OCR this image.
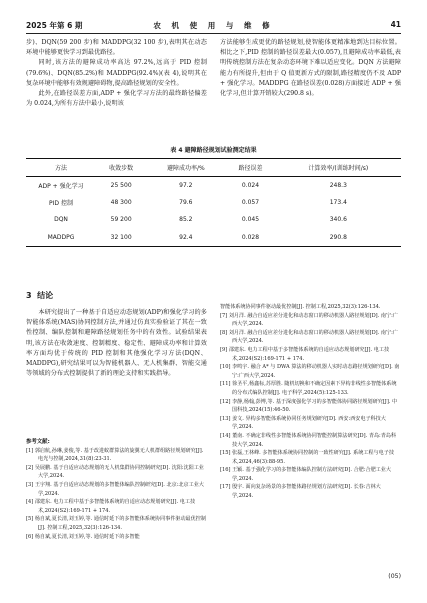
2025 年第 6 期	农 机 使 用 与 维 修	41

步)、DQN(59 200 步)和 MADDPG(32 100 步),表明其在动态环境中能够更快学习到最优路径。

同时,该方法的避障成功率高达 97.2%,远高于 PID 控制(79.6%)、DQN(85.2%)和 MADDPG(92.4%)(表 4),说明其在复杂环境中能够有效规避障碍物,提高路径规划的安全性。

此外,在路径误差方面,ADP + 强化学习方法的最终路径偏差为 0.024,为所有方法中最小,说明该

方法能够生成更优的路径规划,使智能体更精准地到达目标位置。相比之下,PID 控制的路径误差最大(0.057),且避障成功率最低,表明传统控制方法在复杂动态环境下难以适应变化。DQN 方法避障能力有所提升,但由于 Q 值更新方式的限制,路径精度仍不及 ADP + 强化学习。MADDPG 在路径误差(0.028)方面接近 ADP + 强化学习,但计算开销较大(290.8 s)。

表 4 避障路径规划试验测定结果
方法	收敛步数	避障成功率/%	路径误差	计算效率/(训练时间/s)
ADP + 强化学习	25 500	97.2	0.024	248.3
PID 控制	48 300	79.6	0.057	173.4
DQN	59 200	85.2	0.045	340.6
MADDPG	32 100	92.4	0.028	290.8
3 结论

本研究提出了一种基于自适应动态规划(ADP)和强化学习的多智能体系统(MAS)协同控制方法,并通过仿真实验验证了其在一致性控制、编队控制和避障路径规划任务中的有效性。试验结果表明,该方法在收敛速度、控制精度、稳定性、避障成功率和计算效率方面均优于传统的 PID 控制和其他强化学习方法(DQN、MADDPG),研究结果可以为智能机器人、无人机集群、智能交通等领域的分布式控制提供了新的理论支持和实践指导。

参考文献:
[1] 郭启航,孙琳,姜俊,等. 基于改进蚁群算法的旋翼无人机群组路径规划研究[J]. 电光与控制,2024,31(8):23-31.
[2] 吴展鹏. 基于自适应动态规划的无人机集群协同控制研究[D]. 沈阳:沈阳工业大学,2024.
[3] 王宇翔. 基于自适应动态规划的多智能体编队控制研究[D]. 北京:北京工业大学,2024.
[4] 邵建东. 电力工程中基于多智能体系统的自适应动态规划研究[J]. 电工技术,2024(S2):169-171 + 174.
[5] 杨自斌,夏长清,刘玉婷,等. 通信时延下的多智能体系统协同事件驱动最优控制[J]. 控制工程,2025,32(3):126-134.
[6] 杨自斌,夏长清,刘玉婷,等. 通信时延下的多智能
智能体系统协同事件驱动最优控制[J]. 控制工程,2025,32(3):126-134.
[7] 刘月洋. 融合自适应差分进化和动态窗口的移动机器人路径规划[D]. 南宁:广西大学,2024.
[8] 刘月洋. 融合自适应差分进化和动态窗口的移动机器人路径规划[D]. 南宁:广西大学,2024.
[9] 邵建东. 电力工程中基于多智能体系统的自适应动态规划研究[J]. 电工技术,2024(S2):169-171 + 174.
[10] 李鸣宇. 融合 A* 与 DWA 算法的移动机器人实时动态路径规划研究[D]. 南宁:广西大学,2024.
[11] 徐圣平,杨鑫标,苏厚胜. 随机切换和不确定因素下异构非线性多智能体系统的分布式编队控制[J]. 电子科学,2024(5):125-133.
[12] 李静,杨翰,彭博,等. 基于深度强化学习的多智能体协同路径规划研究[J]. 中国科技,2024(15):46-50.
[13] 姜文. 异构多智能体系统协同任务规划研究[D]. 西安:西安电子科技大学,2024.
[14] 董南. 不确定非线性多智能体系统协同智能控制算法研究[D]. 青岛:青岛科技大学,2024.
[15] 张磊,王林峰. 多智能体系统协同控制的一致性研究[J]. 系统工程与电子技术,2024,46(3):88-95.
[16] 王颖. 基于强化学习的多智能体编队控制方法研究[D]. 合肥:合肥工业大学,2024.
[17] 殷宇. 面向复杂场景的多智能体路径规划方法研究[D]. 长春:吉林大学,2024.
(05)
